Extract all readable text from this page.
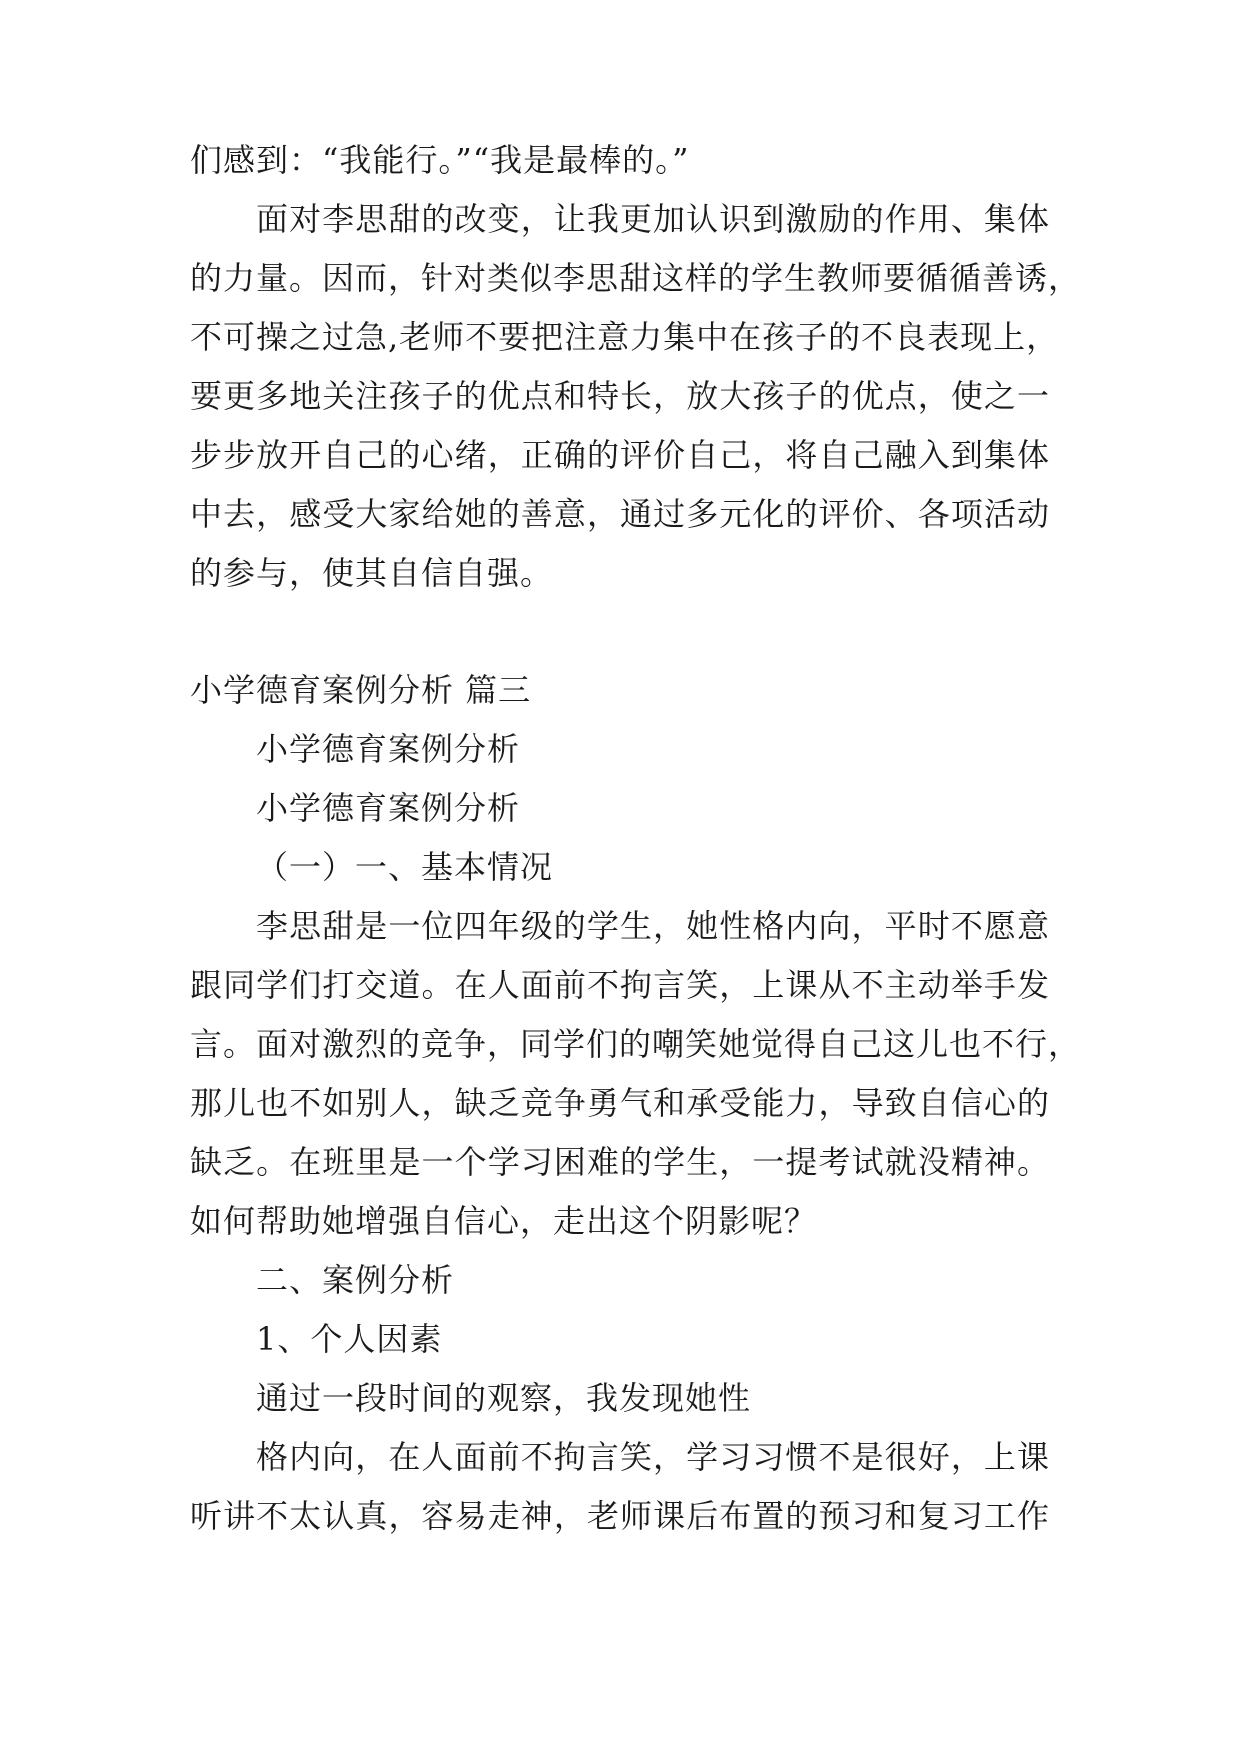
们感到：“我能行。”“我是最棒的。”
面对李思甜的改变，让我更加认识到激励的作用、集体
的力量。因而，针对类似李思甜这样的学生教师要循循善诱，
不可操之过急,老师不要把注意力集中在孩子的不良表现上，
要更多地关注孩子的优点和特长，放大孩子的优点，使之一
步步放开自己的心绪，正确的评价自己，将自己融入到集体
中去，感受大家给她的善意，通过多元化的评价、各项活动
的参与，使其自信自强。
小学德育案例分析 篇三
小学德育案例分析
小学德育案例分析
（一）一、基本情况
李思甜是一位四年级的学生，她性格内向，平时不愿意
跟同学们打交道。在人面前不拘言笑，上课从不主动举手发
言。面对激烈的竞争，同学们的嘲笑她觉得自己这儿也不行，
那儿也不如别人，缺乏竞争勇气和承受能力，导致自信心的
缺乏。在班里是一个学习困难的学生，一提考试就没精神。
如何帮助她增强自信心，走出这个阴影呢？
二、案例分析
1、个人因素
通过一段时间的观察，我发现她性
格内向，在人面前不拘言笑，学习习惯不是很好，上课
听讲不太认真，容易走神，老师课后布置的预习和复习工作
